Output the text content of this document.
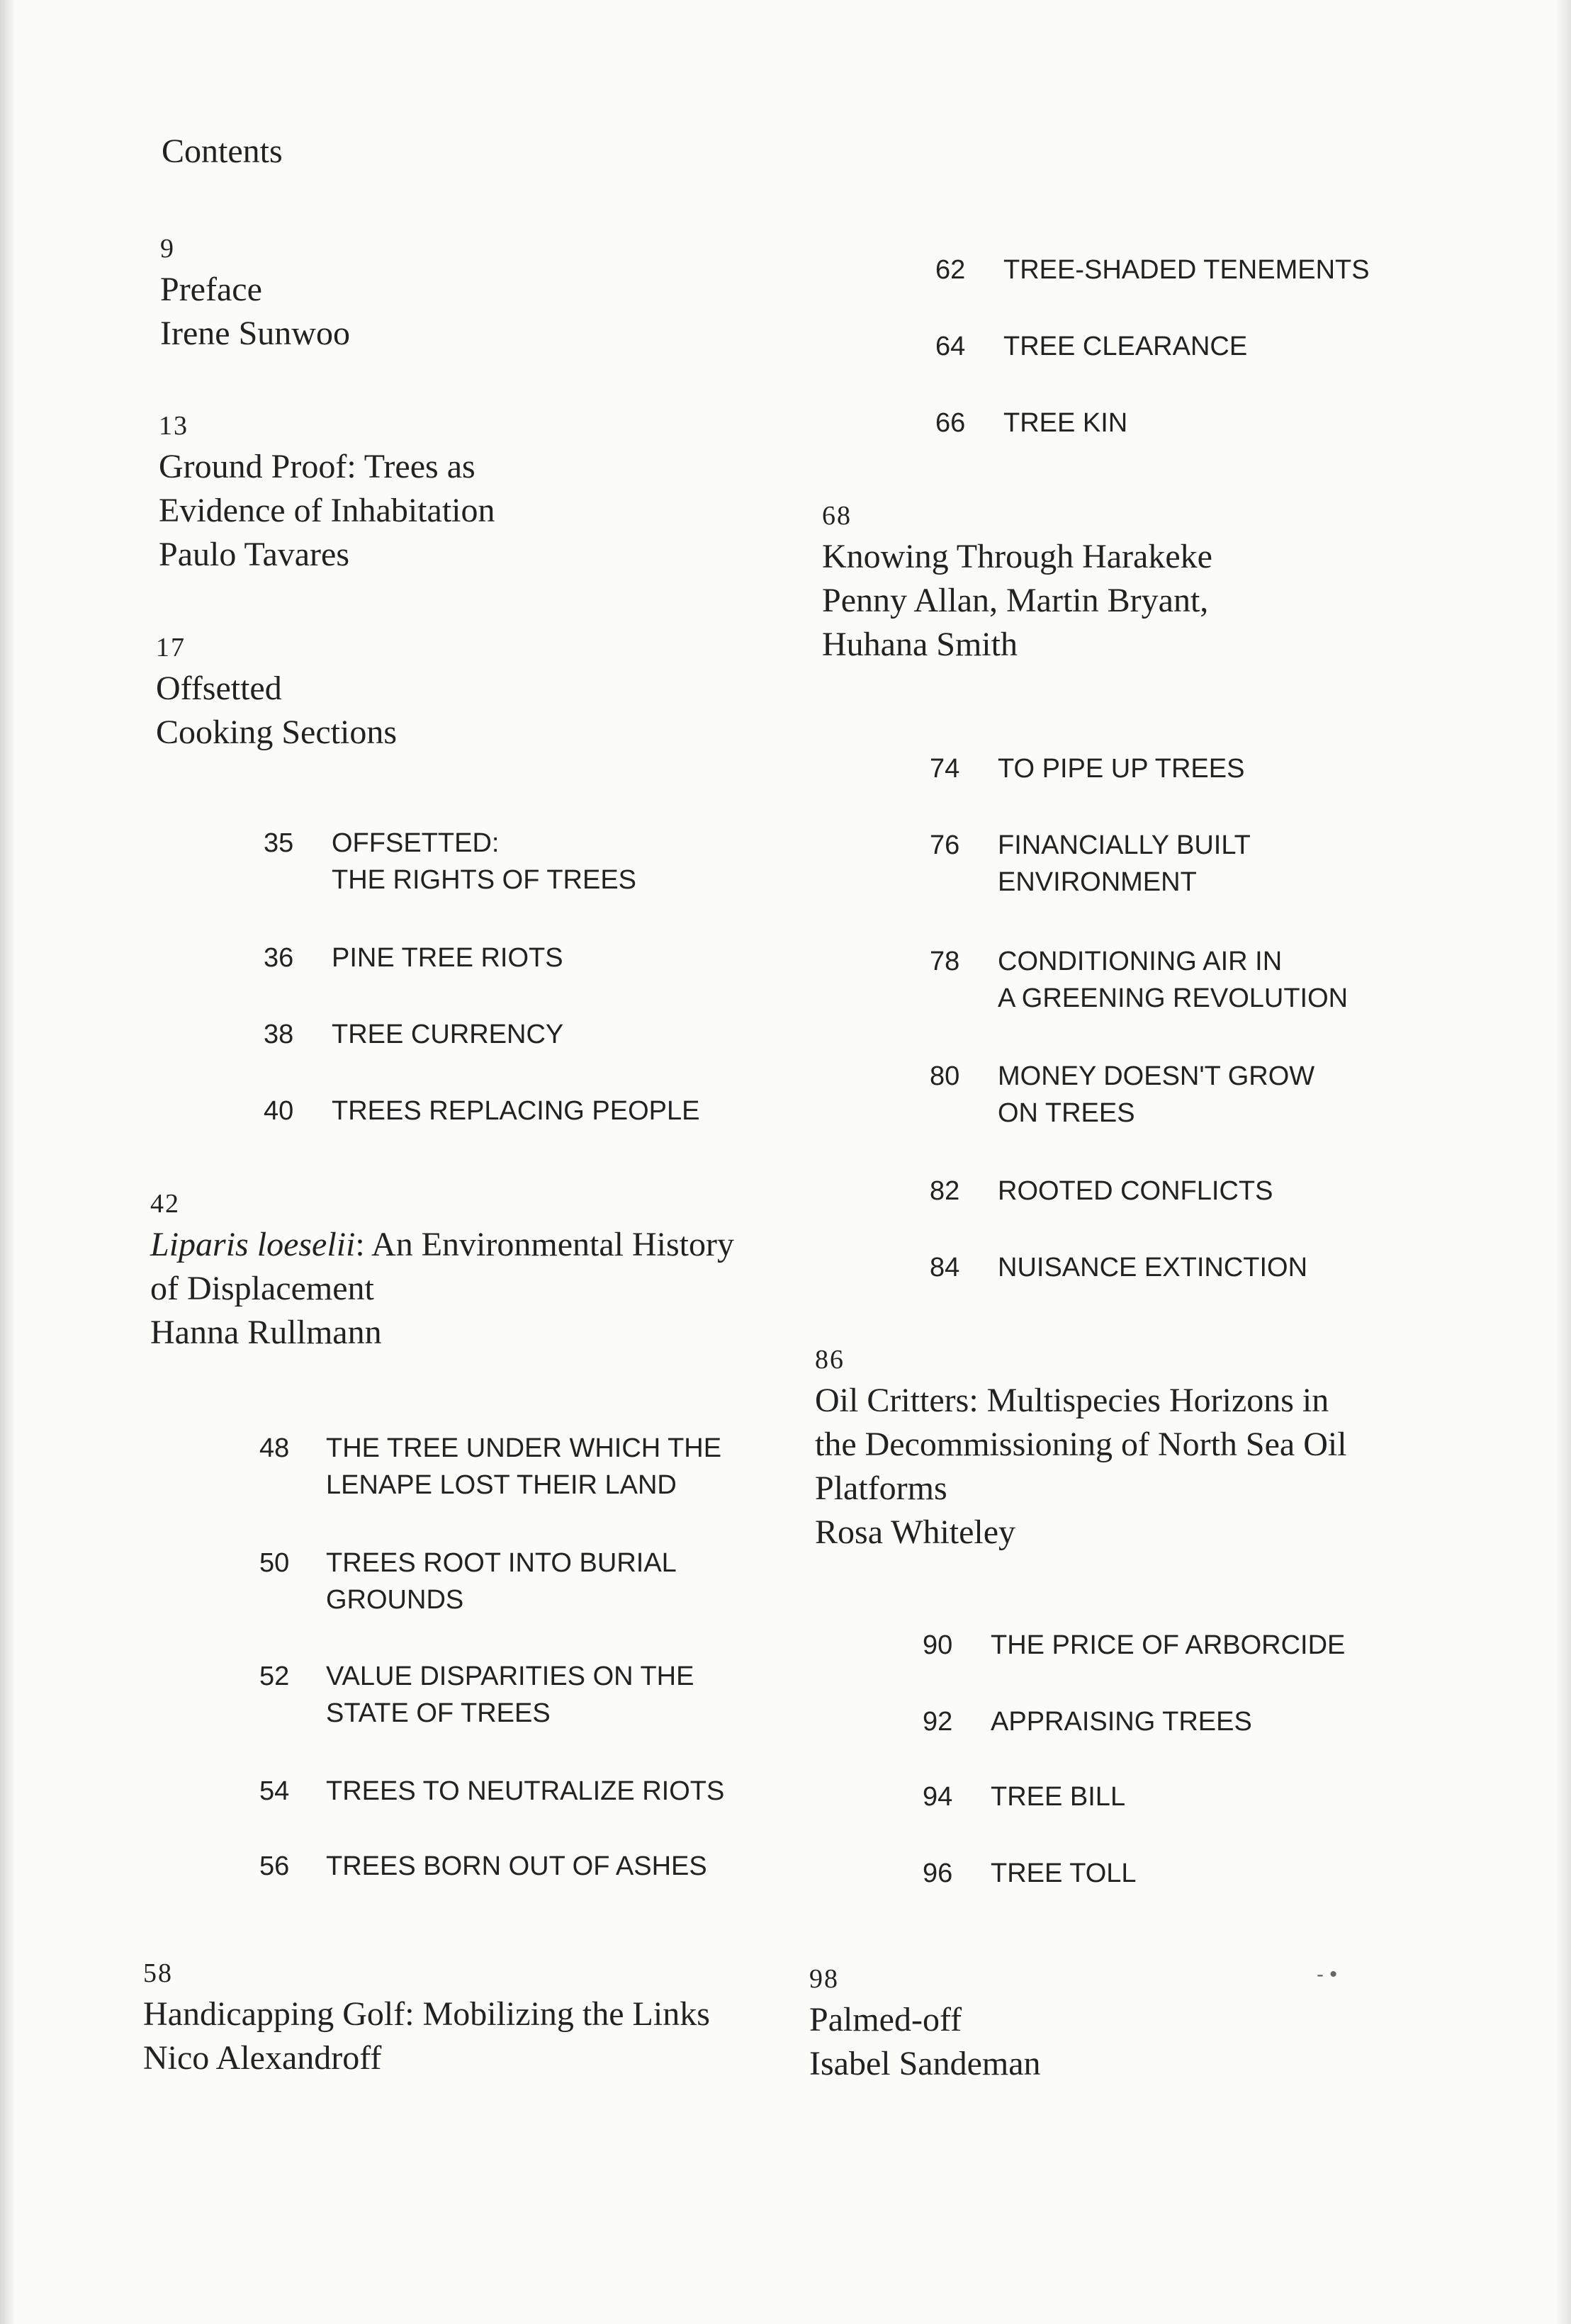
Contents
9
Preface
Irene Sunwoo
13
Ground Proof: Trees as
Evidence of Inhabitation
Paulo Tavares
17
Offsetted
Cooking Sections
35 OFFSETTED:
THE RIGHTS OF TREES
36 PINE TREE RIOTS
38 TREE CURRENCY
40 TREES REPLACING PEOPLE
42
Liparis loeselii: An Environmental History
of Displacement
Hanna Rullmann
48 THE TREE UNDER WHICH THE
LENAPE LOST THEIR LAND
50 TREES ROOT INTO BURIAL
GROUNDS
52 VALUE DISPARITIES ON THE
STATE OF TREES
54 TREES TO NEUTRALIZE RIOTS
56 TREES BORN OUT OF ASHES
58
Handicapping Golf: Mobilizing the Links
Nico Alexandroff
62 TREE-SHADED TENEMENTS
64 TREE CLEARANCE
66 TREE KIN
68
Knowing Through Harakeke
Penny Allan, Martin Bryant,
Huhana Smith
74 TO PIPE UP TREES
76 FINANCIALLY BUILT
ENVIRONMENT
78 CONDITIONING AIR IN
A GREENING REVOLUTION
80 MONEY DOESN'T GROW
ON TREES
82 ROOTED CONFLICTS
84 NUISANCE EXTINCTION
86
Oil Critters: Multispecies Horizons in
the Decommissioning of North Sea Oil
Platforms
Rosa Whiteley
90 THE PRICE OF ARBORCIDE
92 APPRAISING TREES
94 TREE BILL
96 TREE TOLL
98
Palmed-off
Isabel Sandeman
- •
